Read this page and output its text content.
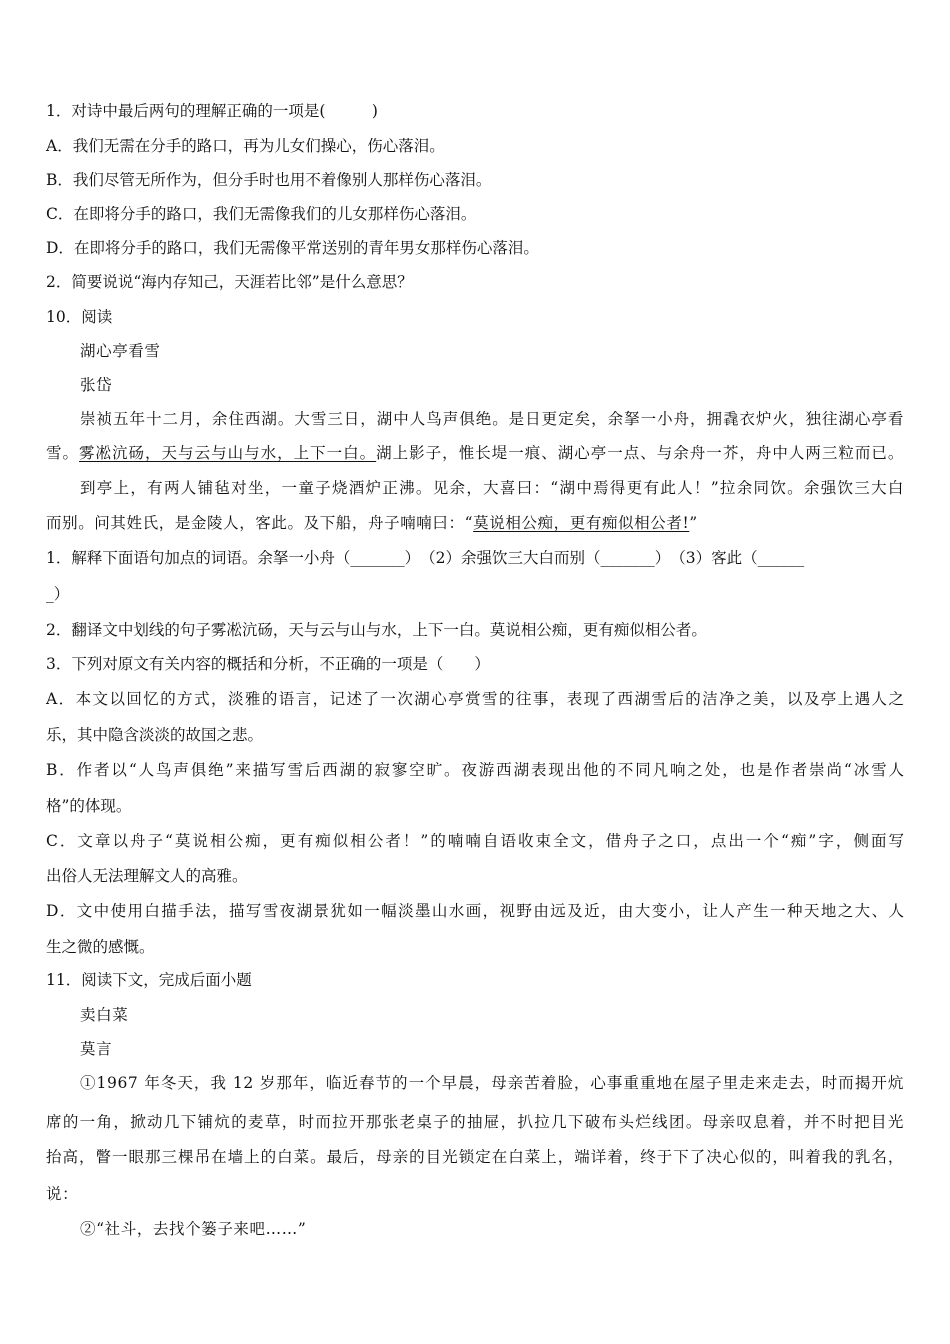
1．对诗中最后两句的理解正确的一项是(　　　)
A．我们无需在分手的路口，再为儿女们操心，伤心落泪。
B．我们尽管无所作为，但分手时也用不着像别人那样伤心落泪。
C．在即将分手的路口，我们无需像我们的儿女那样伤心落泪。
D．在即将分手的路口，我们无需像平常送别的青年男女那样伤心落泪。
2．简要说说“海内存知己，天涯若比邻”是什么意思？
10．阅读
湖心亭看雪
张岱
崇祯五年十二月，余住西湖。大雪三日，湖中人鸟声俱绝。是日更定矣，余拏一小舟，拥毳衣炉火，独往湖心亭看
雪。雾凇沆砀，天与云与山与水，上下一白。湖上影子，惟长堤一痕、湖心亭一点、与余舟一芥，舟中人两三粒而已。
到亭上，有两人铺毡对坐，一童子烧酒炉正沸。见余，大喜曰：“湖中焉得更有此人！”拉余同饮。余强饮三大白
而别。问其姓氏，是金陵人，客此。及下船，舟子喃喃曰：“莫说相公痴，更有痴似相公者!”
1．解释下面语句加点的词语。余拏一小舟（_______）　（2）余强饮三大白而别（_______）　（3）客此（______
_）
2．翻译文中划线的句子雾凇沆砀，天与云与山与水，上下一白。莫说相公痴，更有痴似相公者。
3．下列对原文有关内容的概括和分析，不正确的一项是（　　）
A．本文以回忆的方式，淡雅的语言，记述了一次湖心亭赏雪的往事，表现了西湖雪后的洁净之美，以及亭上遇人之
乐，其中隐含淡淡的故国之悲。
B．作者以“人鸟声俱绝”来描写雪后西湖的寂寥空旷。夜游西湖表现出他的不同凡响之处，也是作者崇尚“冰雪人
格”的体现。
C．文章以舟子“莫说相公痴，更有痴似相公者！”的喃喃自语收束全文，借舟子之口，点出一个“痴”字，侧面写
出俗人无法理解文人的高雅。
D．文中使用白描手法，描写雪夜湖景犹如一幅淡墨山水画，视野由远及近，由大变小，让人产生一种天地之大、人
生之微的感慨。
11．阅读下文，完成后面小题
卖白菜
莫言
①1967 年冬天，我 12 岁那年，临近春节的一个早晨，母亲苦着脸，心事重重地在屋子里走来走去，时而揭开炕
席的一角，掀动几下铺炕的麦草，时而拉开那张老桌子的抽屉，扒拉几下破布头烂线团。母亲叹息着，并不时把目光
抬高，瞥一眼那三棵吊在墙上的白菜。最后，母亲的目光锁定在白菜上，端详着，终于下了决心似的，叫着我的乳名，
说：
②“社斗，去找个篓子来吧……”
